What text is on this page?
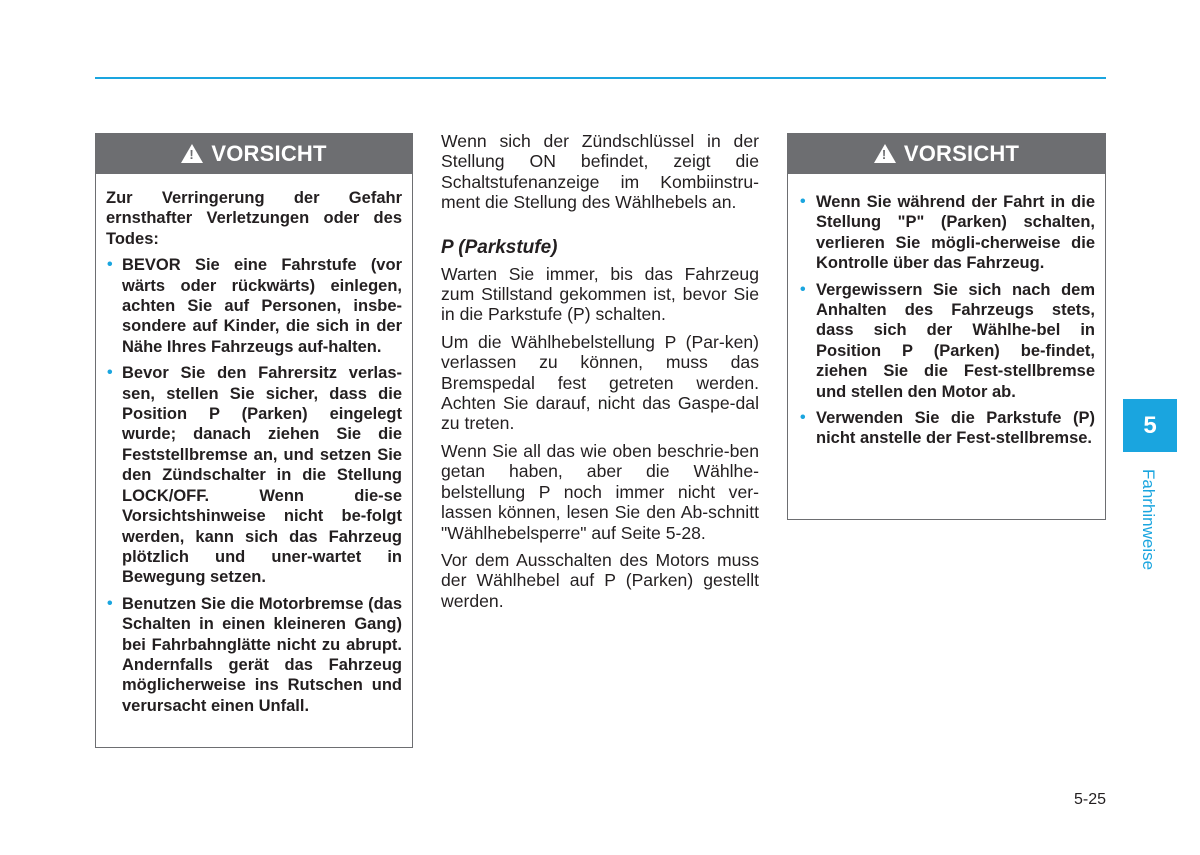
!
VORSICHT

Zur Verringerung der Gefahr ernsthafter Verletzungen oder des Todes:

• BEVOR Sie eine Fahrstufe (vor wärts oder rückwärts) einlegen, achten Sie auf Personen, insbe-sondere auf Kinder, die sich in der Nähe Ihres Fahrzeugs auf-halten.
• Bevor Sie den Fahrersitz verlas-sen, stellen Sie sicher, dass die Position P (Parken) eingelegt wurde; danach ziehen Sie die Feststellbremse an, und setzen Sie den Zündschalter in die Stellung LOCK/OFF. Wenn die-se Vorsichtshinweise nicht be-folgt werden, kann sich das Fahrzeug plötzlich und uner-wartet in Bewegung setzen.
• Benutzen Sie die Motorbremse (das Schalten in einen kleineren Gang) bei Fahrbahnglätte nicht zu abrupt. Andernfalls gerät das Fahrzeug möglicherweise ins Rutschen und verursacht einen Unfall.

Wenn sich der Zündschlüssel in der Stellung ON befindet, zeigt die Schaltstufenanzeige im Kombiinstru-ment die Stellung des Wählhebels an.

P (Parkstufe)

Warten Sie immer, bis das Fahrzeug zum Stillstand gekommen ist, bevor Sie in die Parkstufe (P) schalten.

Um die Wählhebelstellung P (Par-ken) verlassen zu können, muss das Bremspedal fest getreten werden. Achten Sie darauf, nicht das Gaspe-dal zu treten.

Wenn Sie all das wie oben beschrie-ben getan haben, aber die Wählhe-belstellung P noch immer nicht ver-lassen können, lesen Sie den Ab-schnitt "Wählhebelsperre" auf Seite 5-28.

Vor dem Ausschalten des Motors muss der Wählhebel auf P (Parken) gestellt werden.

!
VORSICHT
• Wenn Sie während der Fahrt in die Stellung "P" (Parken) schalten, verlieren Sie mögli-cherweise die Kontrolle über das Fahrzeug.
• Vergewissern Sie sich nach dem Anhalten des Fahrzeugs stets, dass sich der Wählhe-bel in Position P (Parken) be-findet, ziehen Sie die Fest-stellbremse und stellen den Motor ab.
• Verwenden Sie die Parkstufe (P) nicht anstelle der Fest-stellbremse.	5
Fahrhinweise
5-25
